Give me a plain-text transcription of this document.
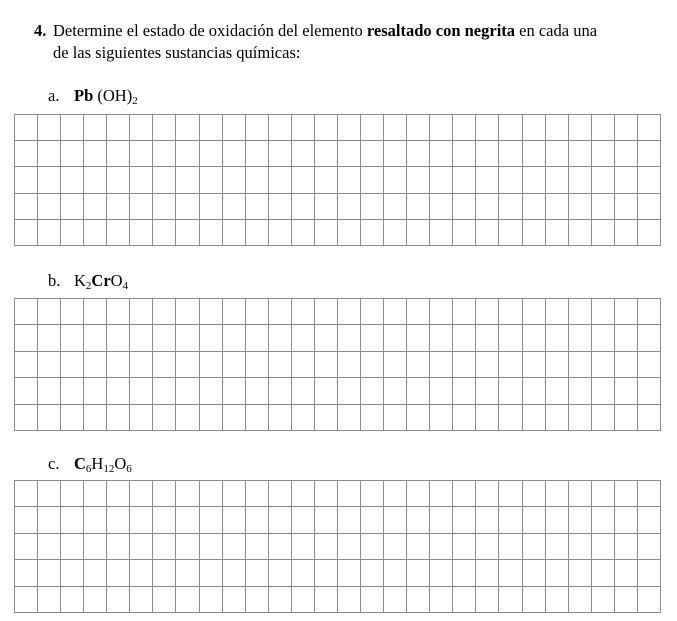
4. Determine el estado de oxidación del elemento resaltado con negrita en cada una
de las siguientes sustancias químicas:
a. Pb $(OH)_2$
b. $K_2CrO_4$
c. $C_6H_{12}O_6$
